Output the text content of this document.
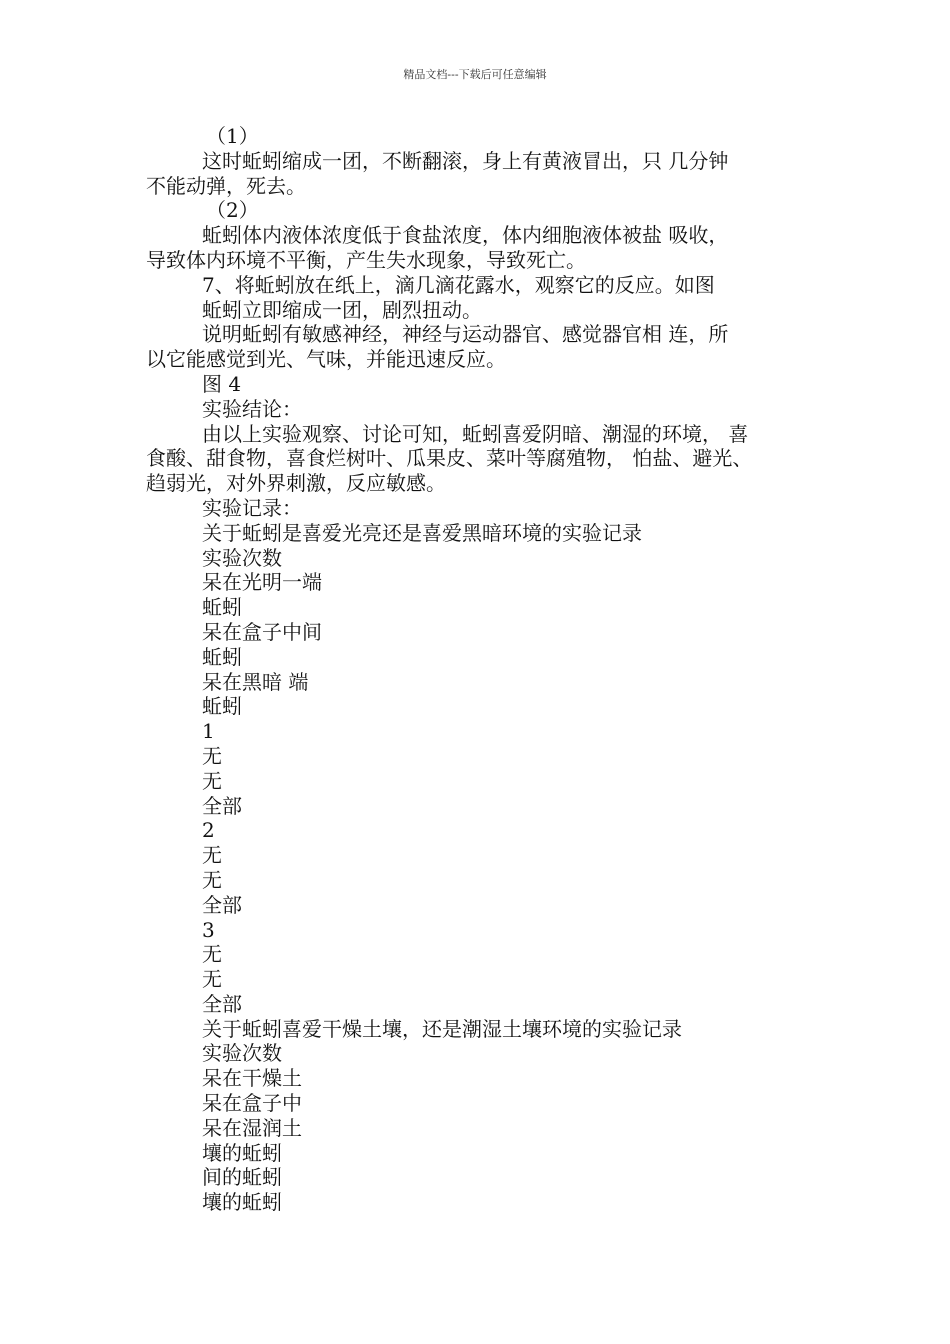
精品文档---下载后可任意编辑
（1）
这时蚯蚓缩成一团，不断翻滚，身上有黄液冒出，只 几分钟
不能动弹，死去。
（2）
蚯蚓体内液体浓度低于食盐浓度，体内细胞液体被盐 吸收，
导致体内环境不平衡，产生失水现象，导致死亡。
7、将蚯蚓放在纸上，滴几滴花露水，观察它的反应。如图
蚯蚓立即缩成一团，剧烈扭动。
说明蚯蚓有敏感神经，神经与运动器官、感觉器官相 连，所
以它能感觉到光、气味，并能迅速反应。
图 4
实验结论：
由以上实验观察、讨论可知，蚯蚓喜爱阴暗、潮湿的环境， 喜
食酸、甜食物，喜食烂树叶、瓜果皮、菜叶等腐殖物， 怕盐、避光、
趋弱光，对外界刺激，反应敏感。
实验记录：
关于蚯蚓是喜爱光亮还是喜爱黑暗环境的实验记录
实验次数
呆在光明一端
蚯蚓
呆在盒子中间
蚯蚓
呆在黑暗 端
蚯蚓
1
无
无
全部
2
无
无
全部
3
无
无
全部
关于蚯蚓喜爱干燥土壤，还是潮湿土壤环境的实验记录
实验次数
呆在干燥土
呆在盒子中
呆在湿润土
壤的蚯蚓
间的蚯蚓
壤的蚯蚓
